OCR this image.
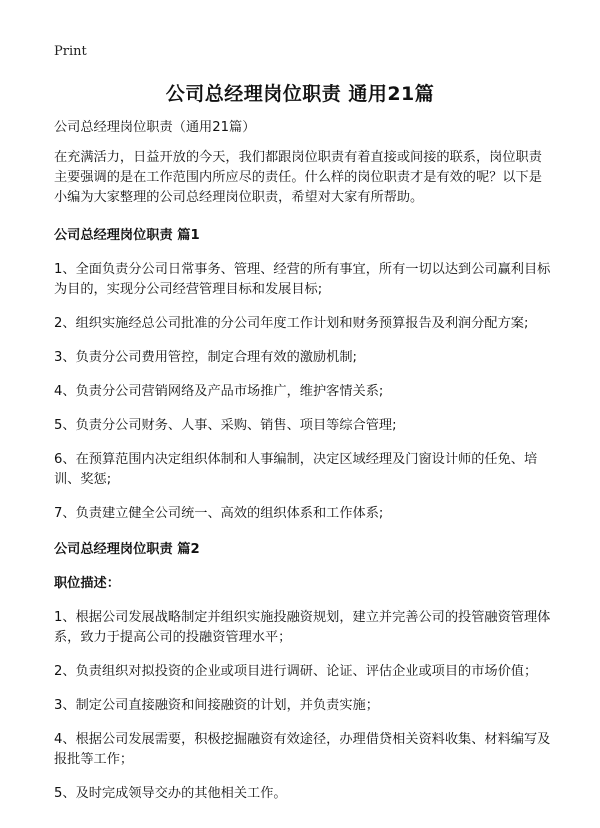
Print
公司总经理岗位职责 通用21篇

公司总经理岗位职责（通用21篇）

在充满活力，日益开放的今天，我们都跟岗位职责有着直接或间接的联系，岗位职责主要强调的是在工作范围内所应尽的责任。什么样的岗位职责才是有效的呢？以下是小编为大家整理的公司总经理岗位职责，希望对大家有所帮助。

公司总经理岗位职责 篇1

1、全面负责分公司日常事务、管理、经营的所有事宜，所有一切以达到公司赢利目标为目的，实现分公司经营管理目标和发展目标;

2、组织实施经总公司批准的分公司年度工作计划和财务预算报告及利润分配方案;

3、负责分公司费用管控，制定合理有效的激励机制;

4、负责分公司营销网络及产品市场推广，维护客情关系;

5、负责分公司财务、人事、采购、销售、项目等综合管理;

6、在预算范围内决定组织体制和人事编制，决定区域经理及门窗设计师的任免、培训、奖惩;

7、负责建立健全公司统一、高效的组织体系和工作体系;

公司总经理岗位职责 篇2

职位描述：

1、根据公司发展战略制定并组织实施投融资规划，建立并完善公司的投管融资管理体系，致力于提高公司的投融资管理水平；

2、负责组织对拟投资的企业或项目进行调研、论证、评估企业或项目的市场价值；

3、制定公司直接融资和间接融资的计划，并负责实施；

4、根据公司发展需要，积极挖掘融资有效途径，办理借贷相关资料收集、材料编写及报批等工作；

5、及时完成领导交办的其他相关工作。
